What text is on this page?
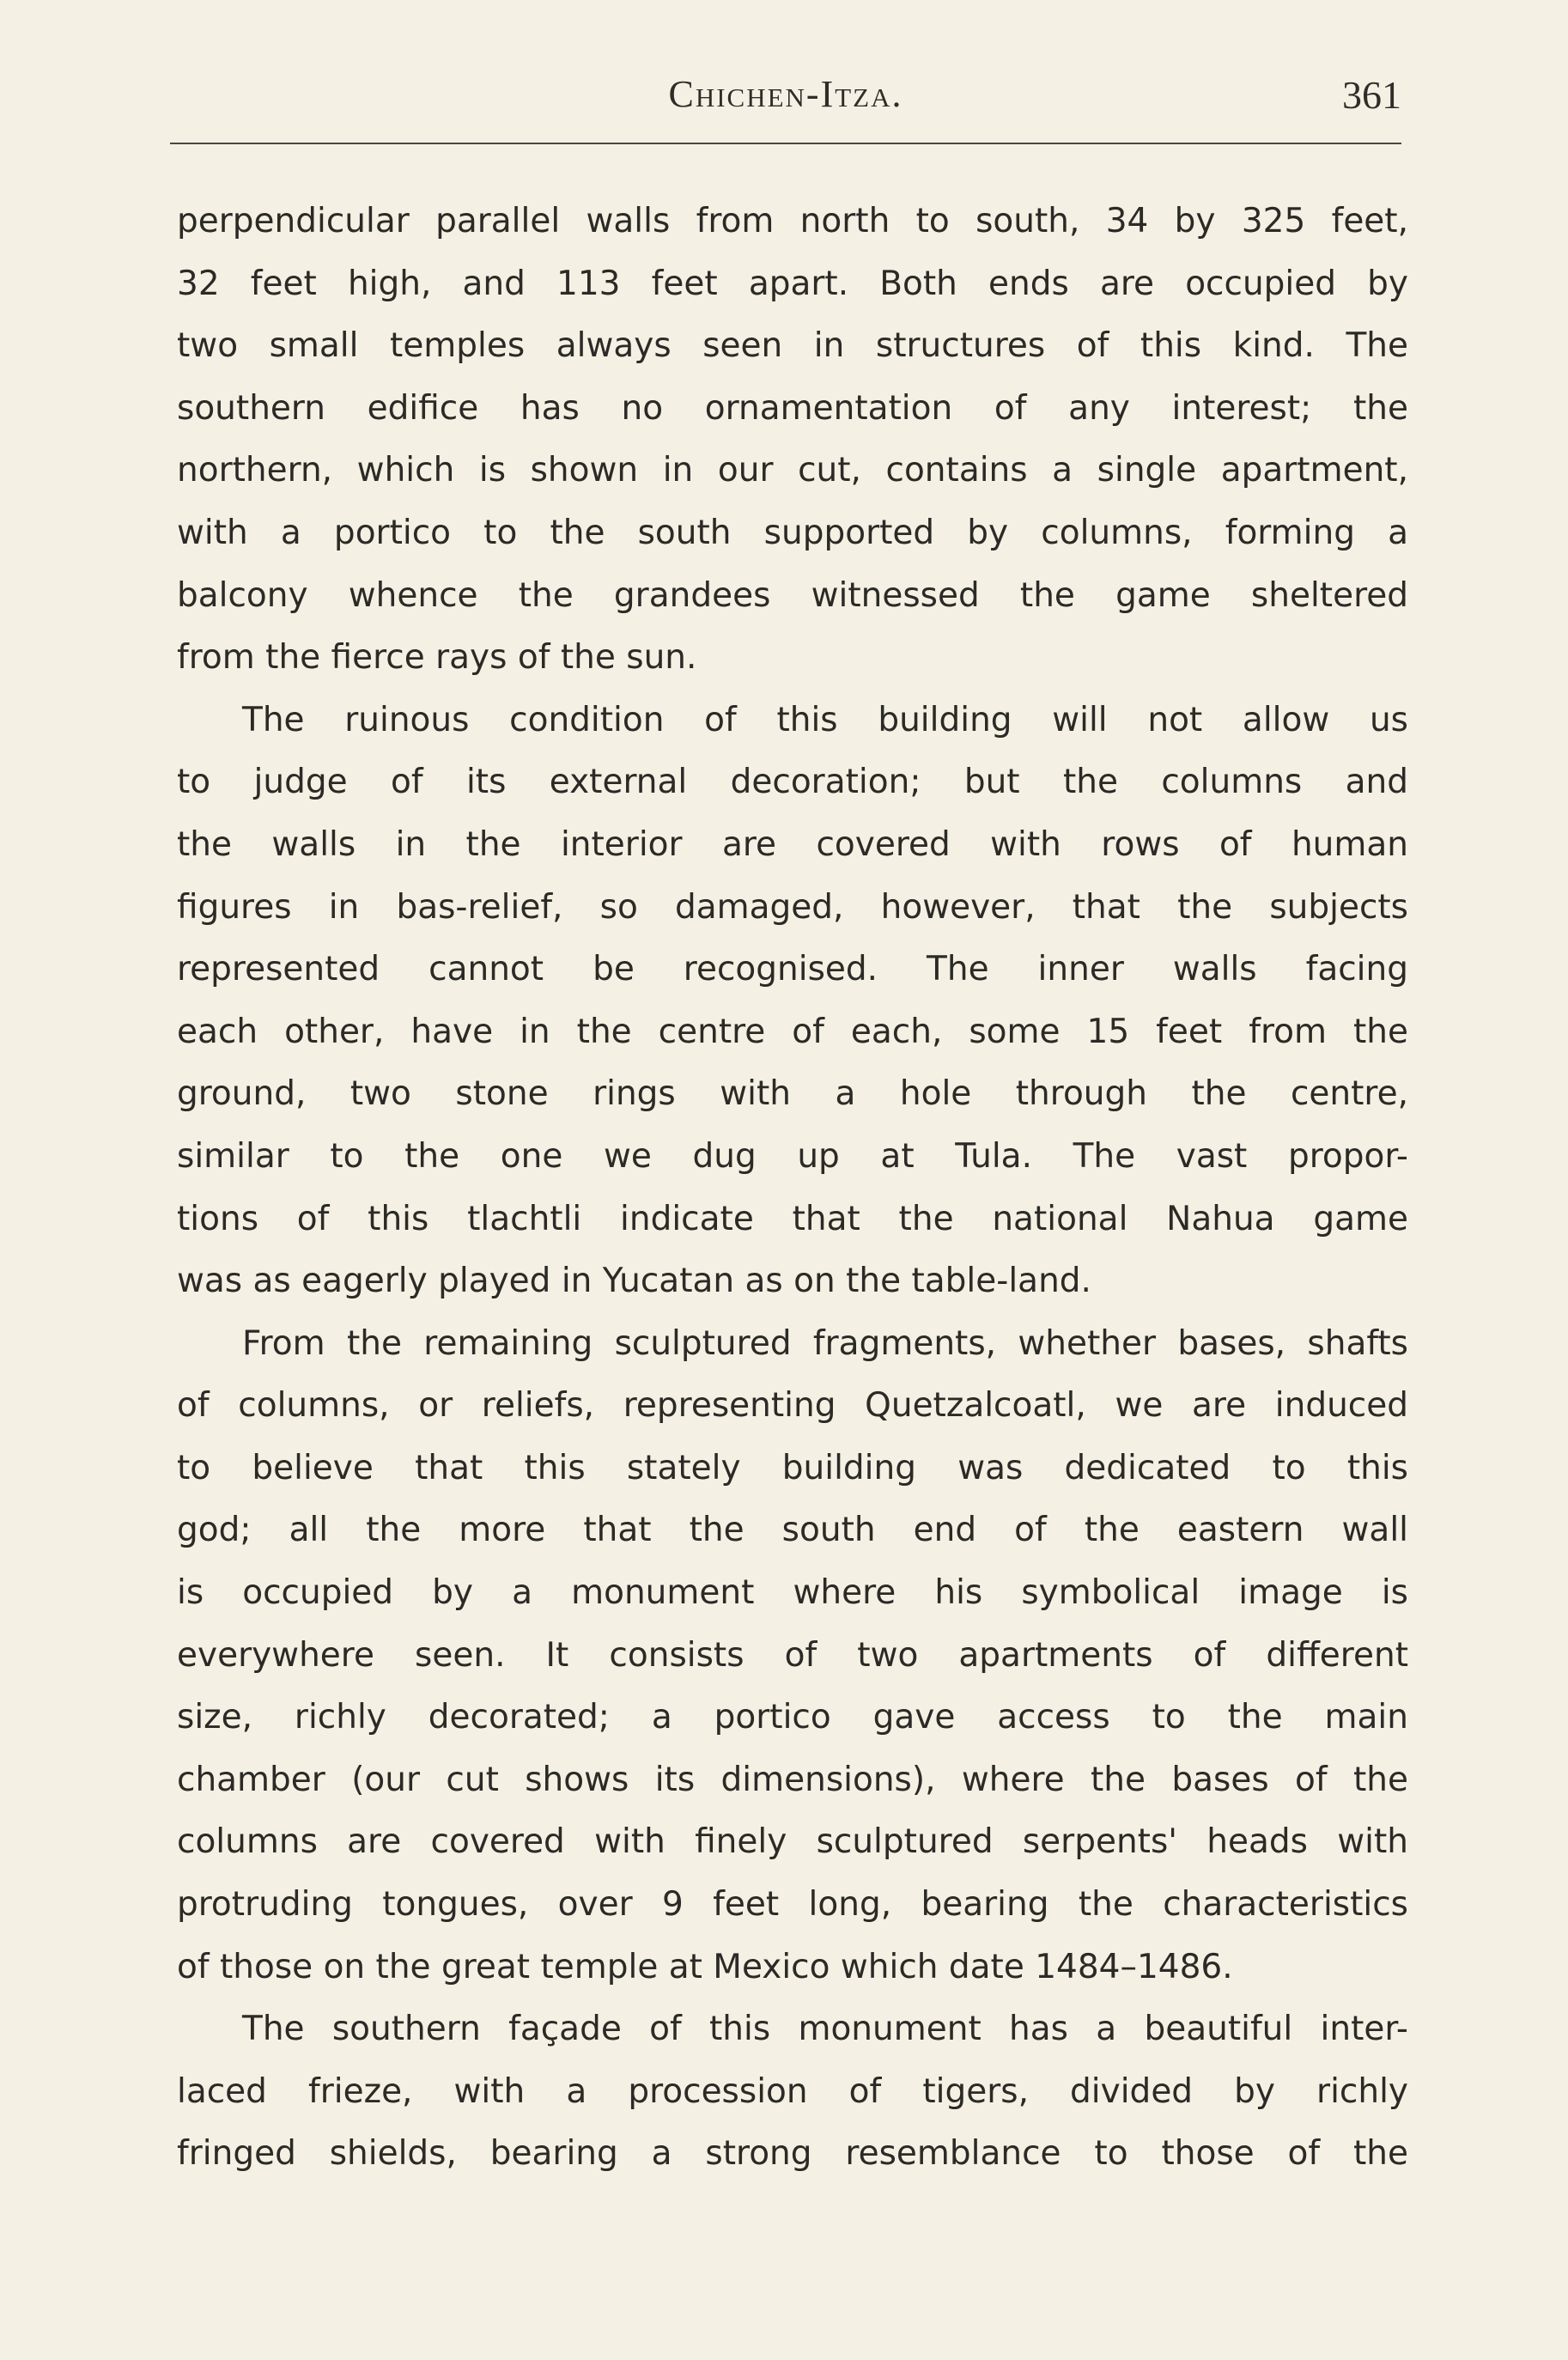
Chichen-Itza.	361
perpendicular parallel walls from north to south, 34 by 325 feet,
32 feet high, and 113 feet apart. Both ends are occupied by
two small temples always seen in structures of this kind. The
southern edifice has no ornamentation of any interest; the
northern, which is shown in our cut, contains a single apartment,
with a portico to the south supported by columns, forming a
balcony whence the grandees witnessed the game sheltered
from the fierce rays of the sun.
The ruinous condition of this building will not allow us
to judge of its external decoration; but the columns and
the walls in the interior are covered with rows of human
figures in bas-relief, so damaged, however, that the subjects
represented cannot be recognised. The inner walls facing
each other, have in the centre of each, some 15 feet from the
ground, two stone rings with a hole through the centre,
similar to the one we dug up at Tula. The vast propor-
tions of this tlachtli indicate that the national Nahua game
was as eagerly played in Yucatan as on the table-land.
From the remaining sculptured fragments, whether bases, shafts
of columns, or reliefs, representing Quetzalcoatl, we are induced
to believe that this stately building was dedicated to this
god; all the more that the south end of the eastern wall
is occupied by a monument where his symbolical image is
everywhere seen. It consists of two apartments of different
size, richly decorated; a portico gave access to the main
chamber (our cut shows its dimensions), where the bases of the
columns are covered with finely sculptured serpents' heads with
protruding tongues, over 9 feet long, bearing the characteristics
of those on the great temple at Mexico which date 1484–1486.
The southern façade of this monument has a beautiful inter-
laced frieze, with a procession of tigers, divided by richly
fringed shields, bearing a strong resemblance to those of the
